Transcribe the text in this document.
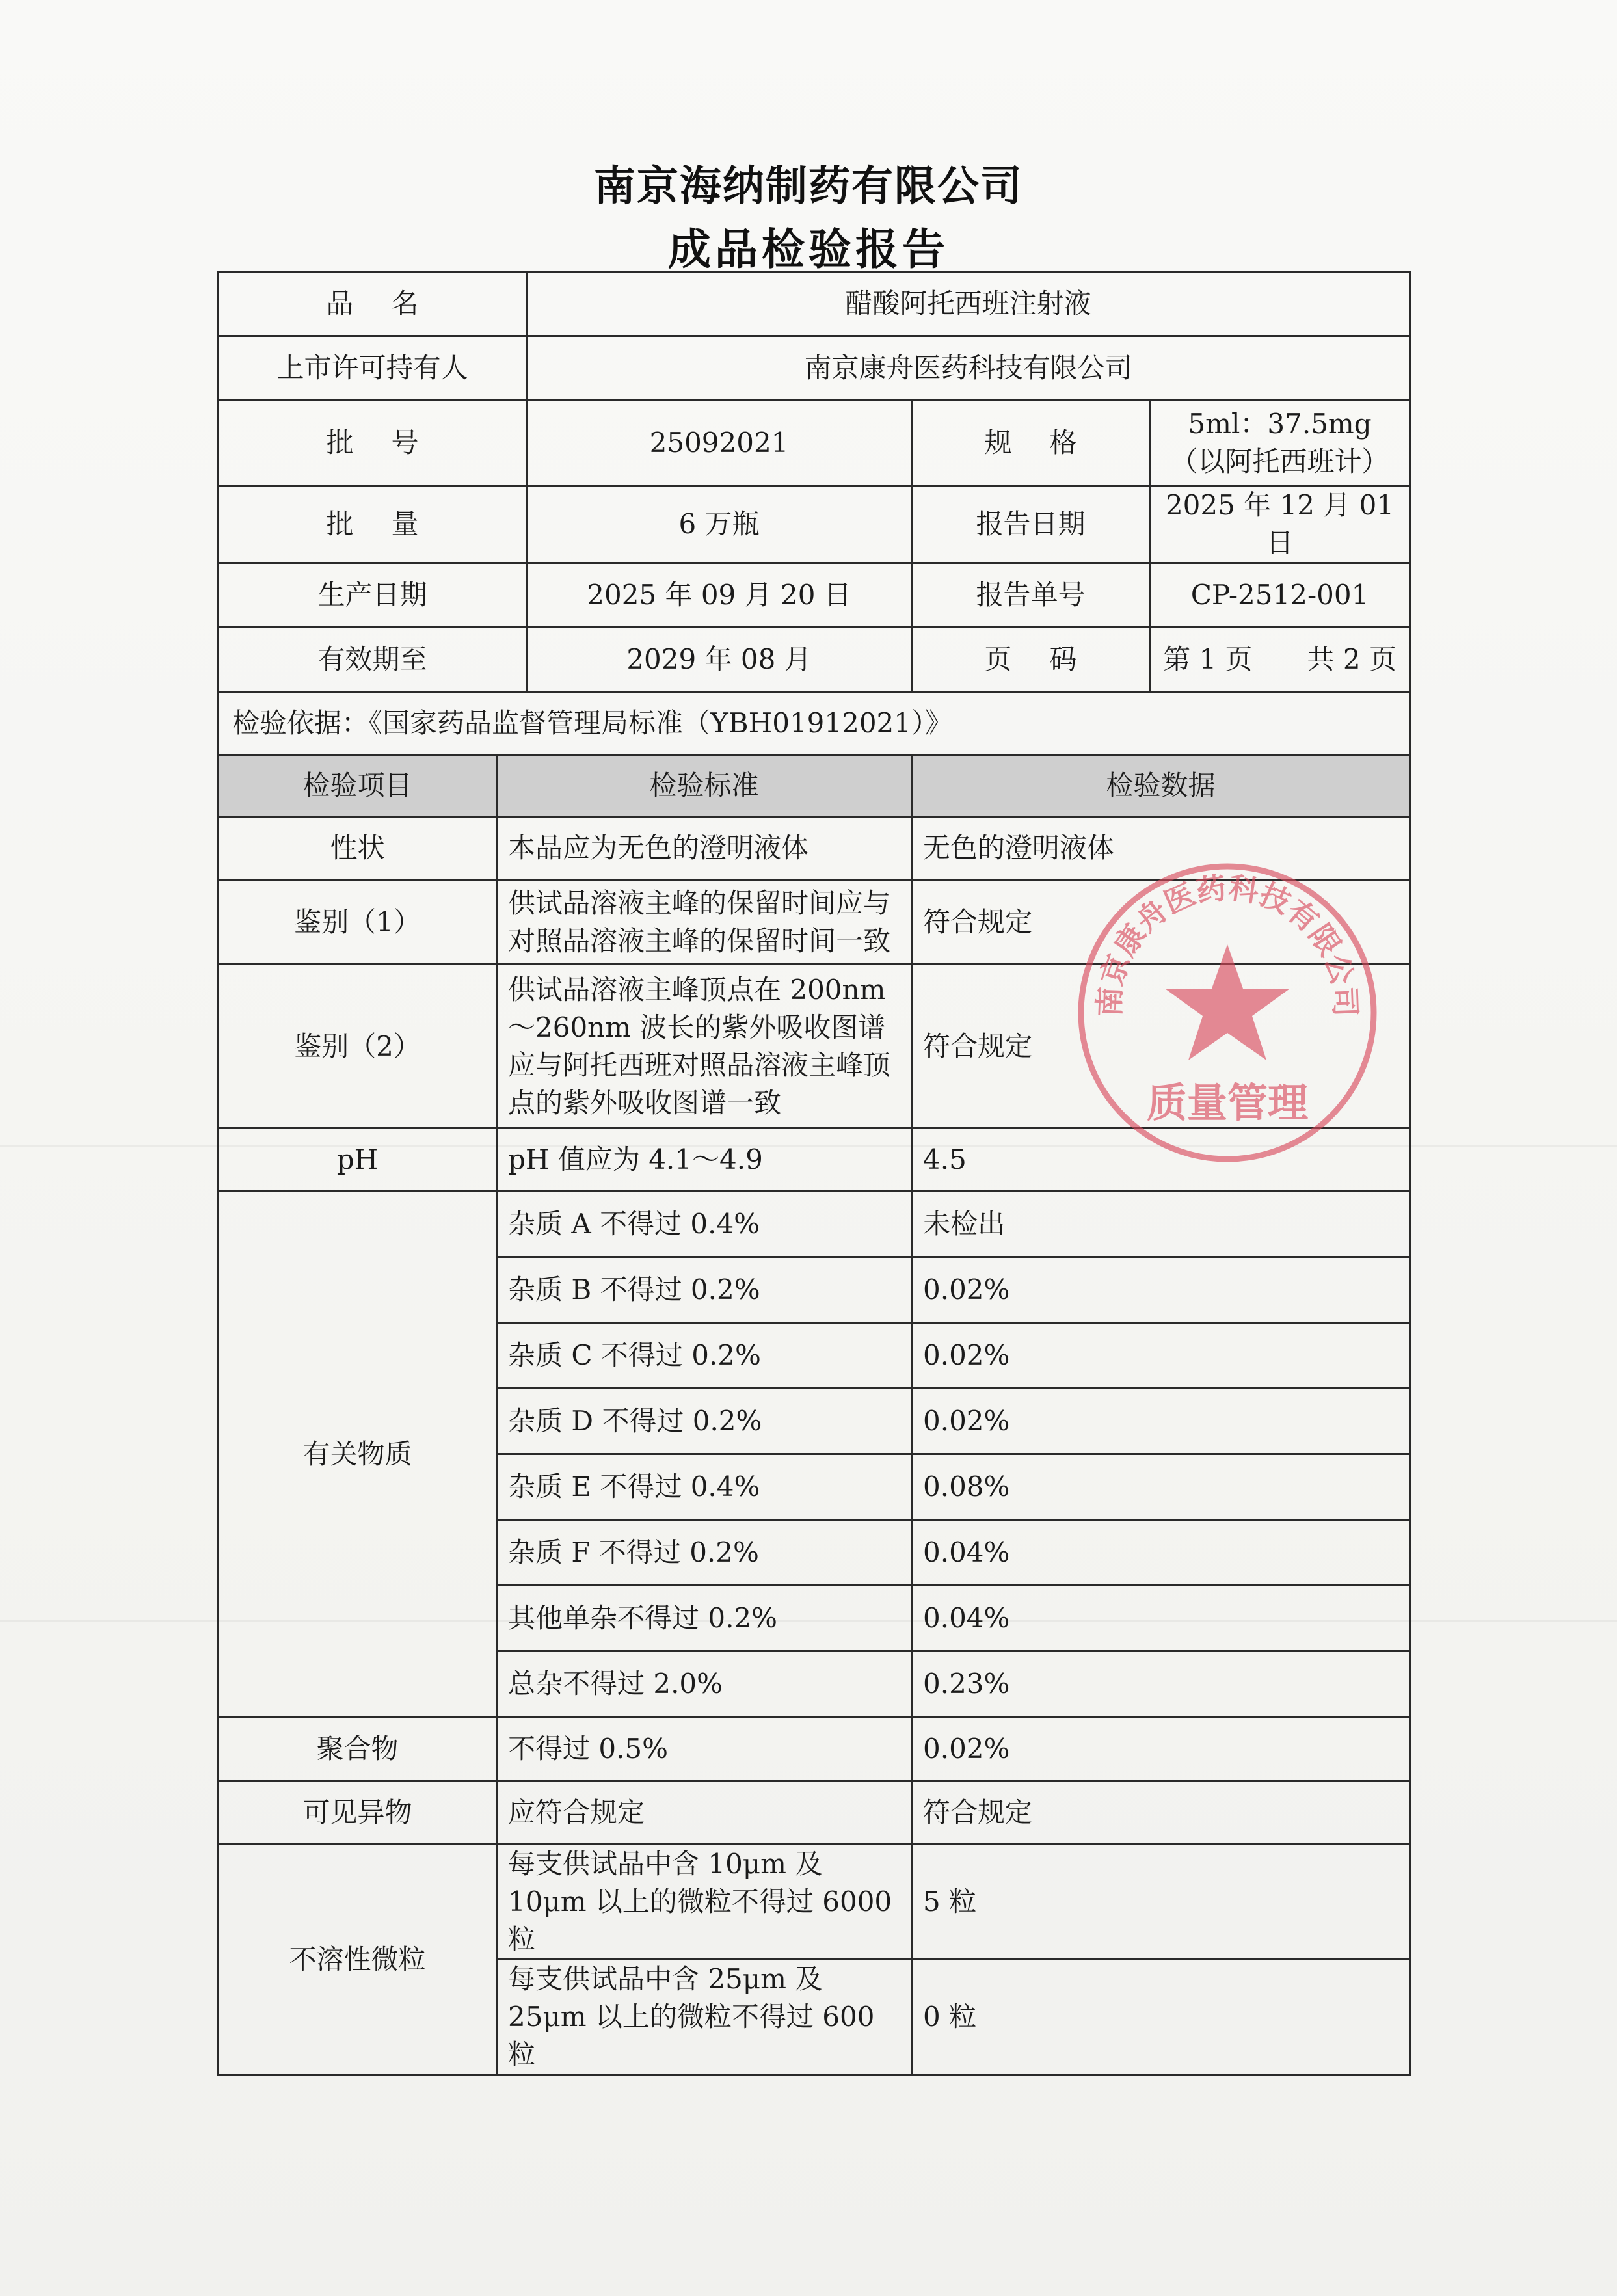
南京海纳制药有限公司
成品检验报告
品名		醋酸阿托西班注射液		
上市许可持有人		南京康舟医药科技有限公司		
批号		25092021	规格	5ml：37.5mg
（以阿托西班计）

批量		6 万瓶	报告日期	2025 年 12 月 01 日
生产日期		2025 年 09 月 20 日	报告单号	CP-2512-001
有效期至		2029 年 08 月	页码	第 1 页　　共 2 页
检验依据：《国家药品监督管理局标准（YBH01912021）》				
检验项目	检验标准		检验数据	
性状	本品应为无色的澄明液体		无色的澄明液体	
鉴别（1）	供试品溶液主峰的保留时间应与对照品溶液主峰的保留时间一致		符合规定	
鉴别（2）	供试品溶液主峰顶点在 200nm～260nm 波长的紫外吸收图谱应与阿托西班对照品溶液主峰顶点的紫外吸收图谱一致		符合规定	
pH	pH 值应为 4.1～4.9		4.5	
有关物质	杂质 A 不得过 0.4%		未检出	
	杂质 B 不得过 0.2%		0.02%	
	杂质 C 不得过 0.2%		0.02%	
	杂质 D 不得过 0.2%		0.02%	
	杂质 E 不得过 0.4%		0.08%	
	杂质 F 不得过 0.2%		0.04%	
	其他单杂不得过 0.2%		0.04%	
	总杂不得过 2.0%		0.23%	
聚合物	不得过 0.5%		0.02%	
可见异物	应符合规定		符合规定	
不溶性微粒	每支供试品中含 10μm 及 10μm 以上的微粒不得过 6000 粒		5 粒	
	每支供试品中含 25μm 及 25μm 以上的微粒不得过 600 粒		0 粒	
南京康舟医药科技有限公司
质量管理
